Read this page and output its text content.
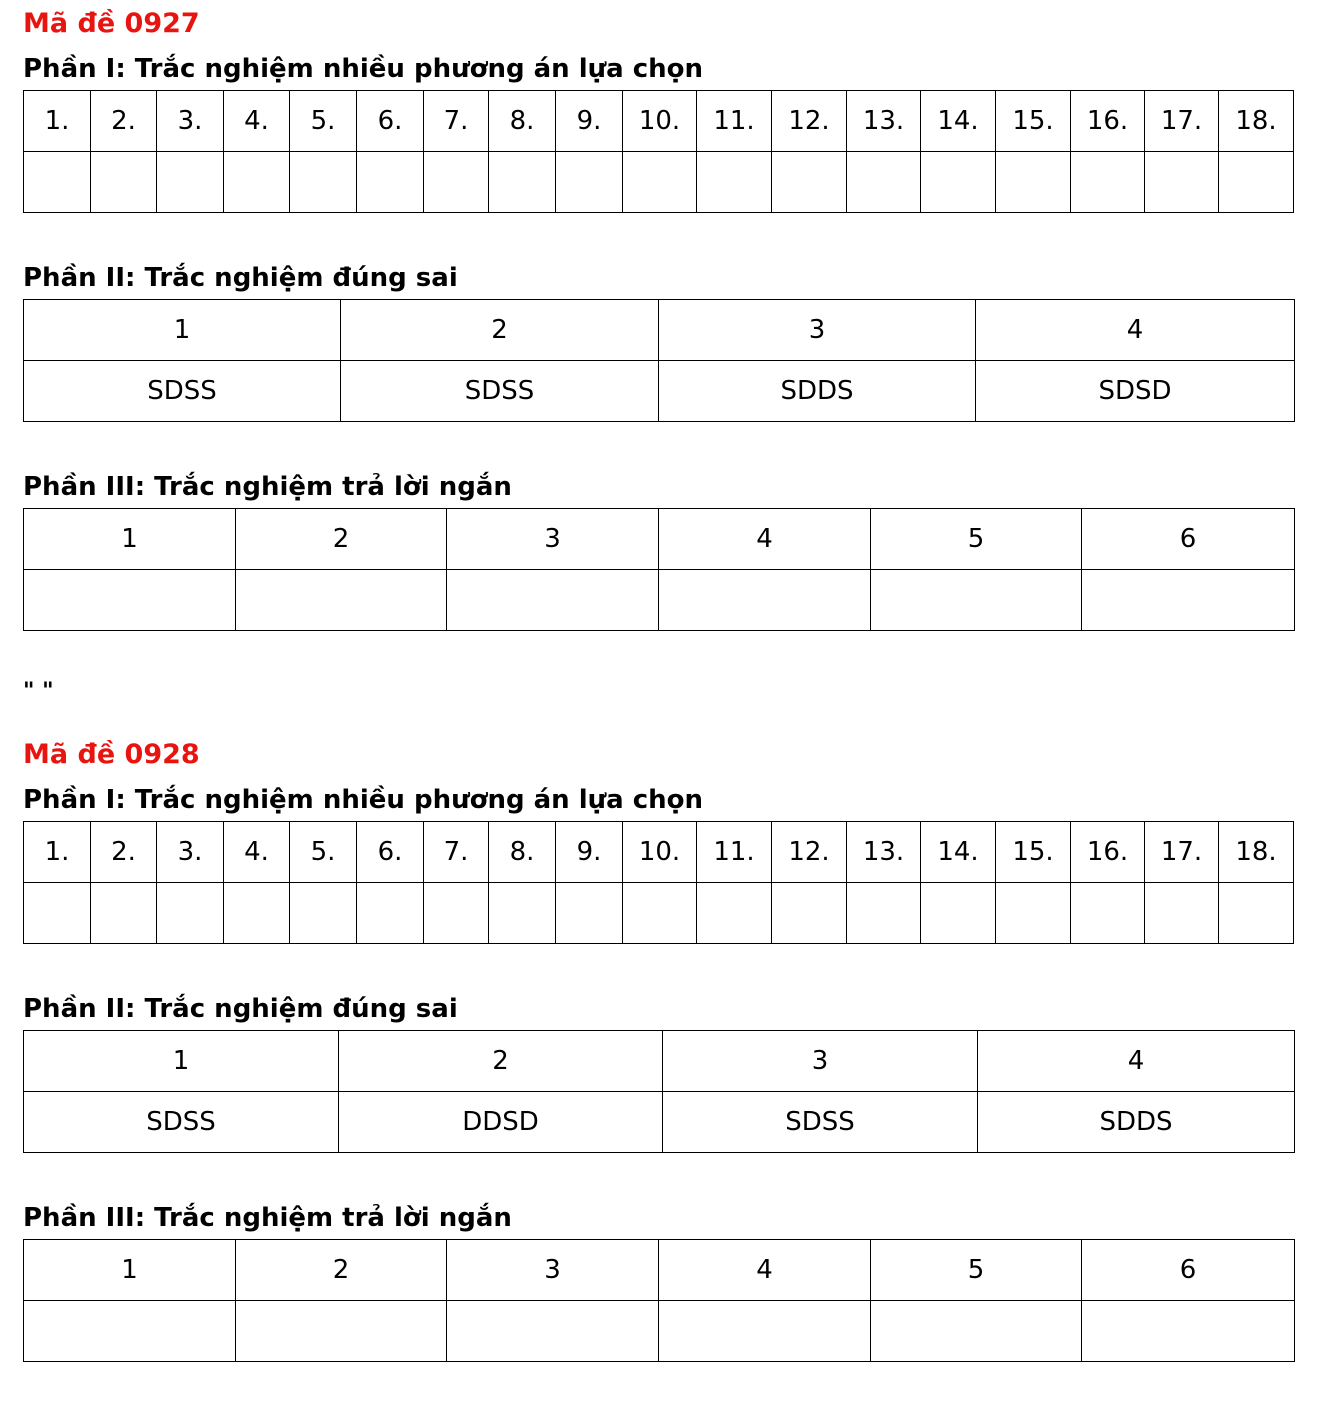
Mã đề 0927
Phần I: Trắc nghiệm nhiều phương án lựa chọn
1.	2.	3.	4.	5.	6.	7.	8.	9.	10.	11.	12.	13.	14.	15.	16.	17.	18.

Phần II: Trắc nghiệm đúng sai
1	2	3	4
SDSS	SDSS	SDDS	SDSD
Phần III: Trắc nghiệm trả lời ngắn
1	2	3	4	5	6

" "
Mã đề 0928
Phần I: Trắc nghiệm nhiều phương án lựa chọn
1.	2.	3.	4.	5.	6.	7.	8.	9.	10.	11.	12.	13.	14.	15.	16.	17.	18.

Phần II: Trắc nghiệm đúng sai
1	2	3	4
SDSS	DDSD	SDSS	SDDS
Phần III: Trắc nghiệm trả lời ngắn
1	2	3	4	5	6
